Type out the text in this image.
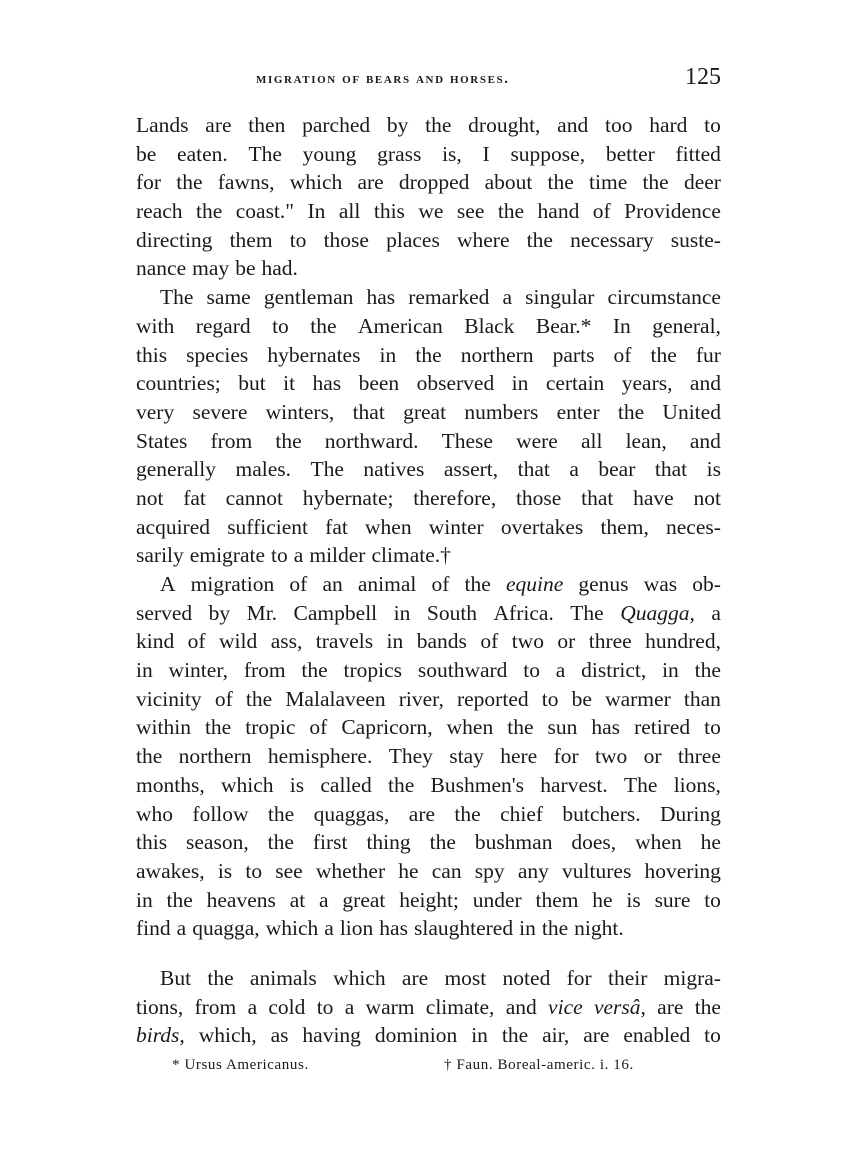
migration of bears and horses.	125
Lands are then parched by the drought, and too hard to
be eaten. The young grass is, I suppose, better fitted
for the fawns, which are dropped about the time the deer
reach the coast." In all this we see the hand of Providence
directing them to those places where the necessary suste-
nance may be had.
The same gentleman has remarked a singular circumstance
with regard to the American Black Bear.* In general,
this species hybernates in the northern parts of the fur
countries; but it has been observed in certain years, and
very severe winters, that great numbers enter the United
States from the northward. These were all lean, and
generally males. The natives assert, that a bear that is
not fat cannot hybernate; therefore, those that have not
acquired sufficient fat when winter overtakes them, neces-
sarily emigrate to a milder climate.†
A migration of an animal of the equine genus was ob-
served by Mr. Campbell in South Africa. The Quagga, a
kind of wild ass, travels in bands of two or three hundred,
in winter, from the tropics southward to a district, in the
vicinity of the Malalaveen river, reported to be warmer than
within the tropic of Capricorn, when the sun has retired to
the northern hemisphere. They stay here for two or three
months, which is called the Bushmen's harvest. The lions,
who follow the quaggas, are the chief butchers. During
this season, the first thing the bushman does, when he
awakes, is to see whether he can spy any vultures hovering
in the heavens at a great height; under them he is sure to
find a quagga, which a lion has slaughtered in the night.
But the animals which are most noted for their migra-
tions, from a cold to a warm climate, and vice versâ, are the
birds, which, as having dominion in the air, are enabled to
* Ursus Americanus.	† Faun. Boreal-americ. i. 16.
